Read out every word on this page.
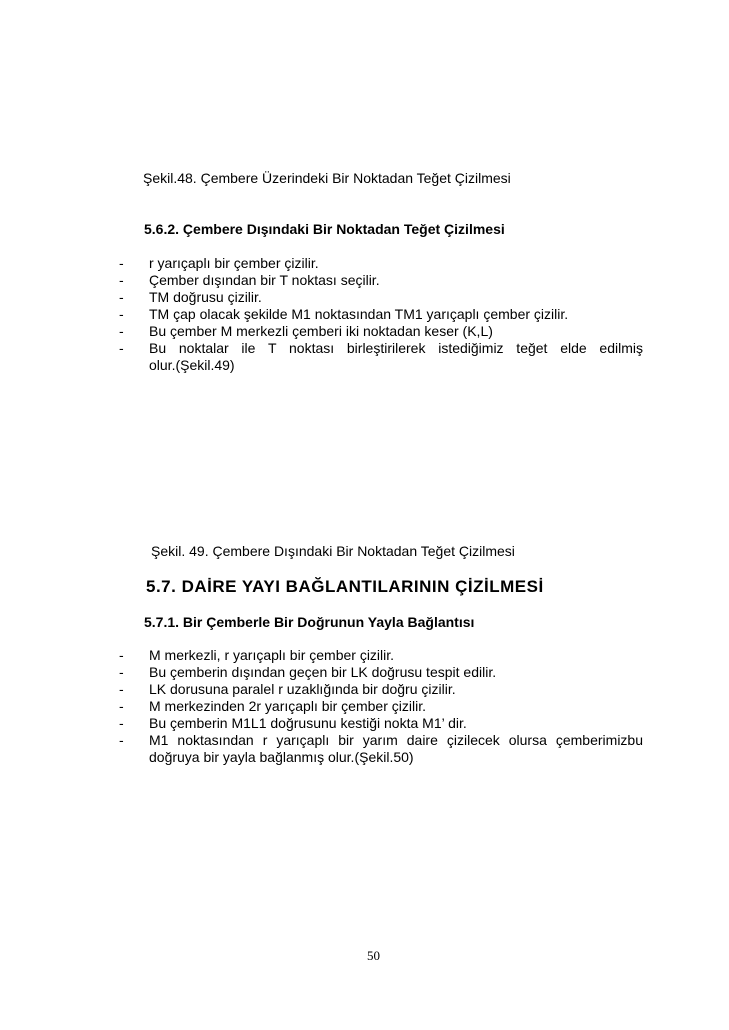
Şekil.48. Çembere Üzerindeki Bir Noktadan Teğet Çizilmesi
5.6.2. Çembere Dışındaki Bir Noktadan Teğet Çizilmesi
- r yarıçaplı bir çember çizilir.
- Çember dışından bir T noktası seçilir.
- TM doğrusu çizilir.
- TM çap olacak şekilde M1 noktasından TM1 yarıçaplı çember çizilir.
- Bu çember M merkezli çemberi iki noktadan keser (K,L)
- Bu noktalar ile T noktası birleştirilerek istediğimiz teğet elde edilmiş
olur.(Şekil.49)
Şekil. 49. Çembere Dışındaki Bir Noktadan Teğet Çizilmesi
5.7. DAİRE YAYI BAĞLANTILARININ ÇİZİLMESİ
5.7.1. Bir Çemberle Bir Doğrunun Yayla Bağlantısı
- M merkezli, r yarıçaplı bir çember çizilir.
- Bu çemberin dışından geçen bir LK doğrusu tespit edilir.
- LK dorusuna paralel r uzaklığında bir doğru çizilir.
- M merkezinden 2r yarıçaplı bir çember çizilir.
- Bu çemberin M1L1 doğrusunu kestiği nokta M1’ dir.
- M1 noktasından r yarıçaplı bir yarım daire çizilecek olursa çemberimizbu
doğruya bir yayla bağlanmış olur.(Şekil.50)
50
